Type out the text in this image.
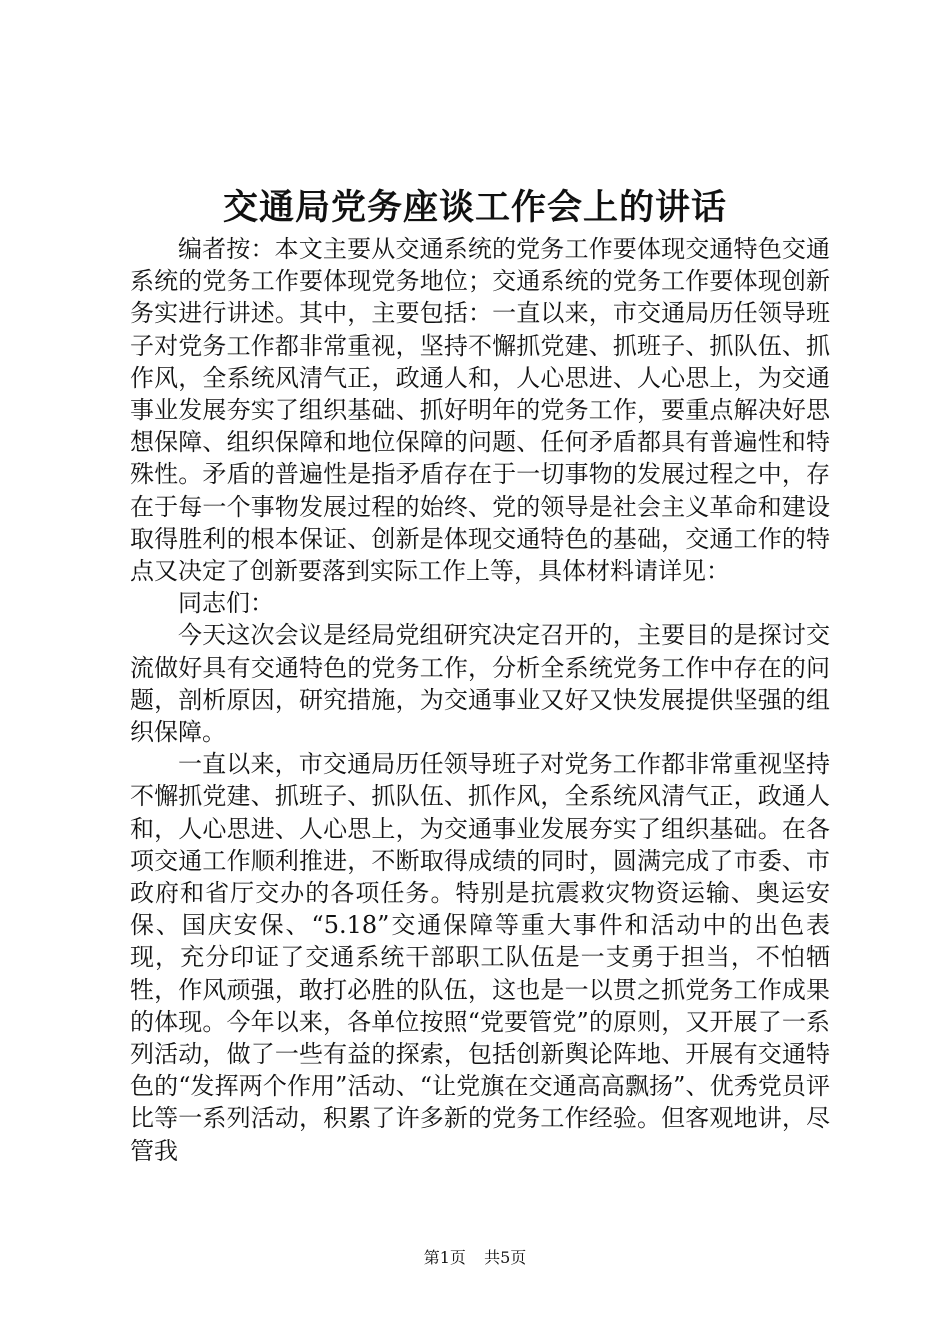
交通局党务座谈工作会上的讲话

编者按：本文主要从交通系统的党务工作要体现交通特色交通系统的党务工作要体现党务地位；交通系统的党务工作要体现创新务实进行讲述。其中，主要包括：一直以来，市交通局历任领导班子对党务工作都非常重视，坚持不懈抓党建、抓班子、抓队伍、抓作风，全系统风清气正，政通人和，人心思进、人心思上，为交通事业发展夯实了组织基础、抓好明年的党务工作，要重点解决好思想保障、组织保障和地位保障的问题、任何矛盾都具有普遍性和特殊性。矛盾的普遍性是指矛盾存在于一切事物的发展过程之中，存在于每一个事物发展过程的始终、党的领导是社会主义革命和建设取得胜利的根本保证、创新是体现交通特色的基础，交通工作的特点又决定了创新要落到实际工作上等，具体材料请详见：

同志们：

今天这次会议是经局党组研究决定召开的，主要目的是探讨交流做好具有交通特色的党务工作，分析全系统党务工作中存在的问题，剖析原因，研究措施，为交通事业又好又快发展提供坚强的组织保障。

一直以来，市交通局历任领导班子对党务工作都非常重视坚持不懈抓党建、抓班子、抓队伍、抓作风，全系统风清气正，政通人和，人心思进、人心思上，为交通事业发展夯实了组织基础。在各项交通工作顺利推进，不断取得成绩的同时，圆满完成了市委、市政府和省厅交办的各项任务。特别是抗震救灾物资运输、奥运安保、国庆安保、“5.18”交通保障等重大事件和活动中的出色表现，充分印证了交通系统干部职工队伍是一支勇于担当，不怕牺牲，作风顽强，敢打必胜的队伍，这也是一以贯之抓党务工作成果的体现。今年以来，各单位按照“党要管党”的原则，又开展了一系列活动，做了一些有益的探索，包括创新舆论阵地、开展有交通特色的“发挥两个作用”活动、“让党旗在交通高高飘扬”、优秀党员评比等一系列活动，积累了许多新的党务工作经验。但客观地讲，尽管我

第1页 共5页
